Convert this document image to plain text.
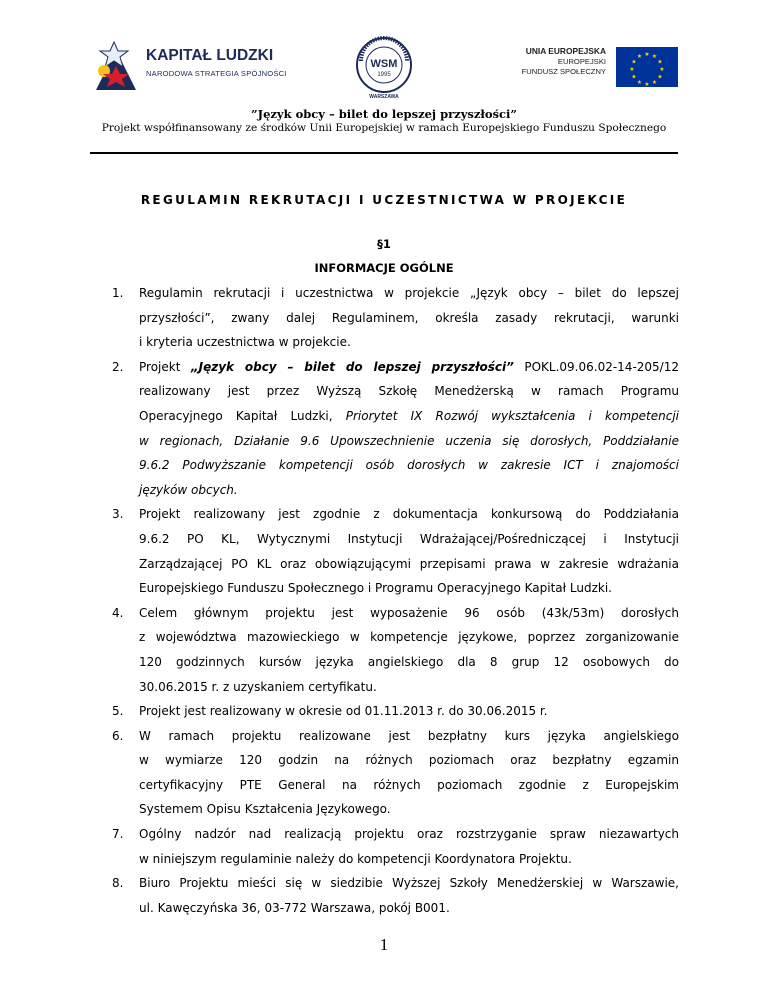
KAPITAŁ LUDZKI
NARODOWA STRATEGIA SPÓJNOŚCI
WSM
1995
WARSZAWA
UNIA EUROPEJSKA
EUROPEJSKI
FUNDUSZ SPOŁECZNY
★ ★
★
★
★
★
★
★
★
★
★
★
”Język obcy – bilet do lepszej przyszłości”
Projekt współfinansowany ze środków Unii Europejskiej w ramach Europejskiego Funduszu Społecznego
REGULAMIN REKRUTACJI I UCZESTNICTWA W PROJEKCIE
§1
INFORMACJE OGÓLNE
1. Regulamin rekrutacji i uczestnictwa w projekcie „Język obcy – bilet do lepszej
przyszłości”, zwany dalej Regulaminem, określa zasady rekrutacji, warunki
i kryteria uczestnictwa w projekcie.
2. Projekt „Język obcy – bilet do lepszej przyszłości” POKL.09.06.02-14-205/12
realizowany jest przez Wyższą Szkołę Menedżerską w ramach Programu
Operacyjnego Kapitał Ludzki, Priorytet IX Rozwój wykształcenia i kompetencji
w regionach, Działanie 9.6 Upowszechnienie uczenia się dorosłych, Poddziałanie
9.6.2 Podwyższanie kompetencji osób dorosłych w zakresie ICT i znajomości
języków obcych.
3. Projekt realizowany jest zgodnie z dokumentacja konkursową do Poddziałania
9.6.2 PO KL, Wytycznymi Instytucji Wdrażającej/Pośredniczącej i Instytucji
Zarządzającej PO KL oraz obowiązującymi przepisami prawa w zakresie wdrażania
Europejskiego Funduszu Społecznego i Programu Operacyjnego Kapitał Ludzki.
4. Celem głównym projektu jest wyposażenie 96 osób (43k/53m) dorosłych
z województwa mazowieckiego w kompetencje językowe, poprzez zorganizowanie
120 godzinnych kursów języka angielskiego dla 8 grup 12 osobowych do
30.06.2015 r. z uzyskaniem certyfikatu.
5. Projekt jest realizowany w okresie od 01.11.2013 r. do 30.06.2015 r.
6. W ramach projektu realizowane jest bezpłatny kurs języka angielskiego
w wymiarze 120 godzin na różnych poziomach oraz bezpłatny egzamin
certyfikacyjny PTE General na różnych poziomach zgodnie z Europejskim
Systemem Opisu Kształcenia Językowego.
7. Ogólny nadzór nad realizacją projektu oraz rozstrzyganie spraw niezawartych
w niniejszym regulaminie należy do kompetencji Koordynatora Projektu.
8. Biuro Projektu mieści się w siedzibie Wyższej Szkoły Menedżerskiej w Warszawie,
ul. Kawęczyńska 36, 03-772 Warszawa, pokój B001.
1
